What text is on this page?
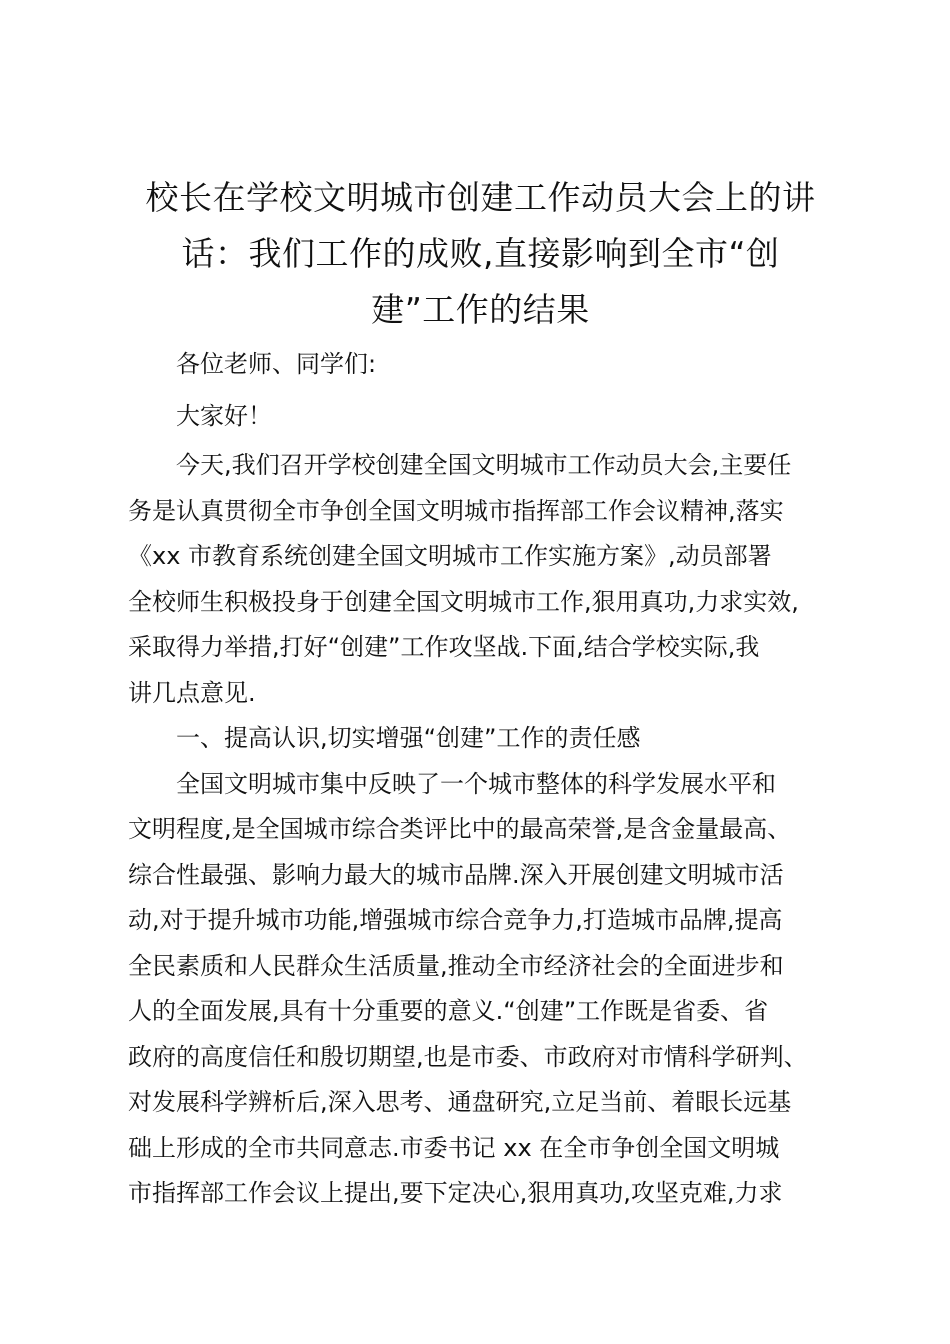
校长在学校文明城市创建工作动员大会上的讲
话：我们工作的成败,直接影响到全市“创
建”工作的结果

各位老师、同学们:

大家好！

今天,我们召开学校创建全国文明城市工作动员大会,主要任
务是认真贯彻全市争创全国文明城市指挥部工作会议精神,落实
《xx 市教育系统创建全国文明城市工作实施方案》,动员部署
全校师生积极投身于创建全国文明城市工作,狠用真功,力求实效,
采取得力举措,打好“创建”工作攻坚战.下面,结合学校实际,我
讲几点意见.

一、提高认识,切实增强“创建”工作的责任感

全国文明城市集中反映了一个城市整体的科学发展水平和
文明程度,是全国城市综合类评比中的最高荣誉,是含金量最高、
综合性最强、影响力最大的城市品牌.深入开展创建文明城市活
动,对于提升城市功能,增强城市综合竞争力,打造城市品牌,提高
全民素质和人民群众生活质量,推动全市经济社会的全面进步和
人的全面发展,具有十分重要的意义.“创建”工作既是省委、省
政府的高度信任和殷切期望,也是市委、市政府对市情科学研判、
对发展科学辨析后,深入思考、通盘研究,立足当前、着眼长远基
础上形成的全市共同意志.市委书记 xx 在全市争创全国文明城
市指挥部工作会议上提出,要下定决心,狠用真功,攻坚克难,力求
